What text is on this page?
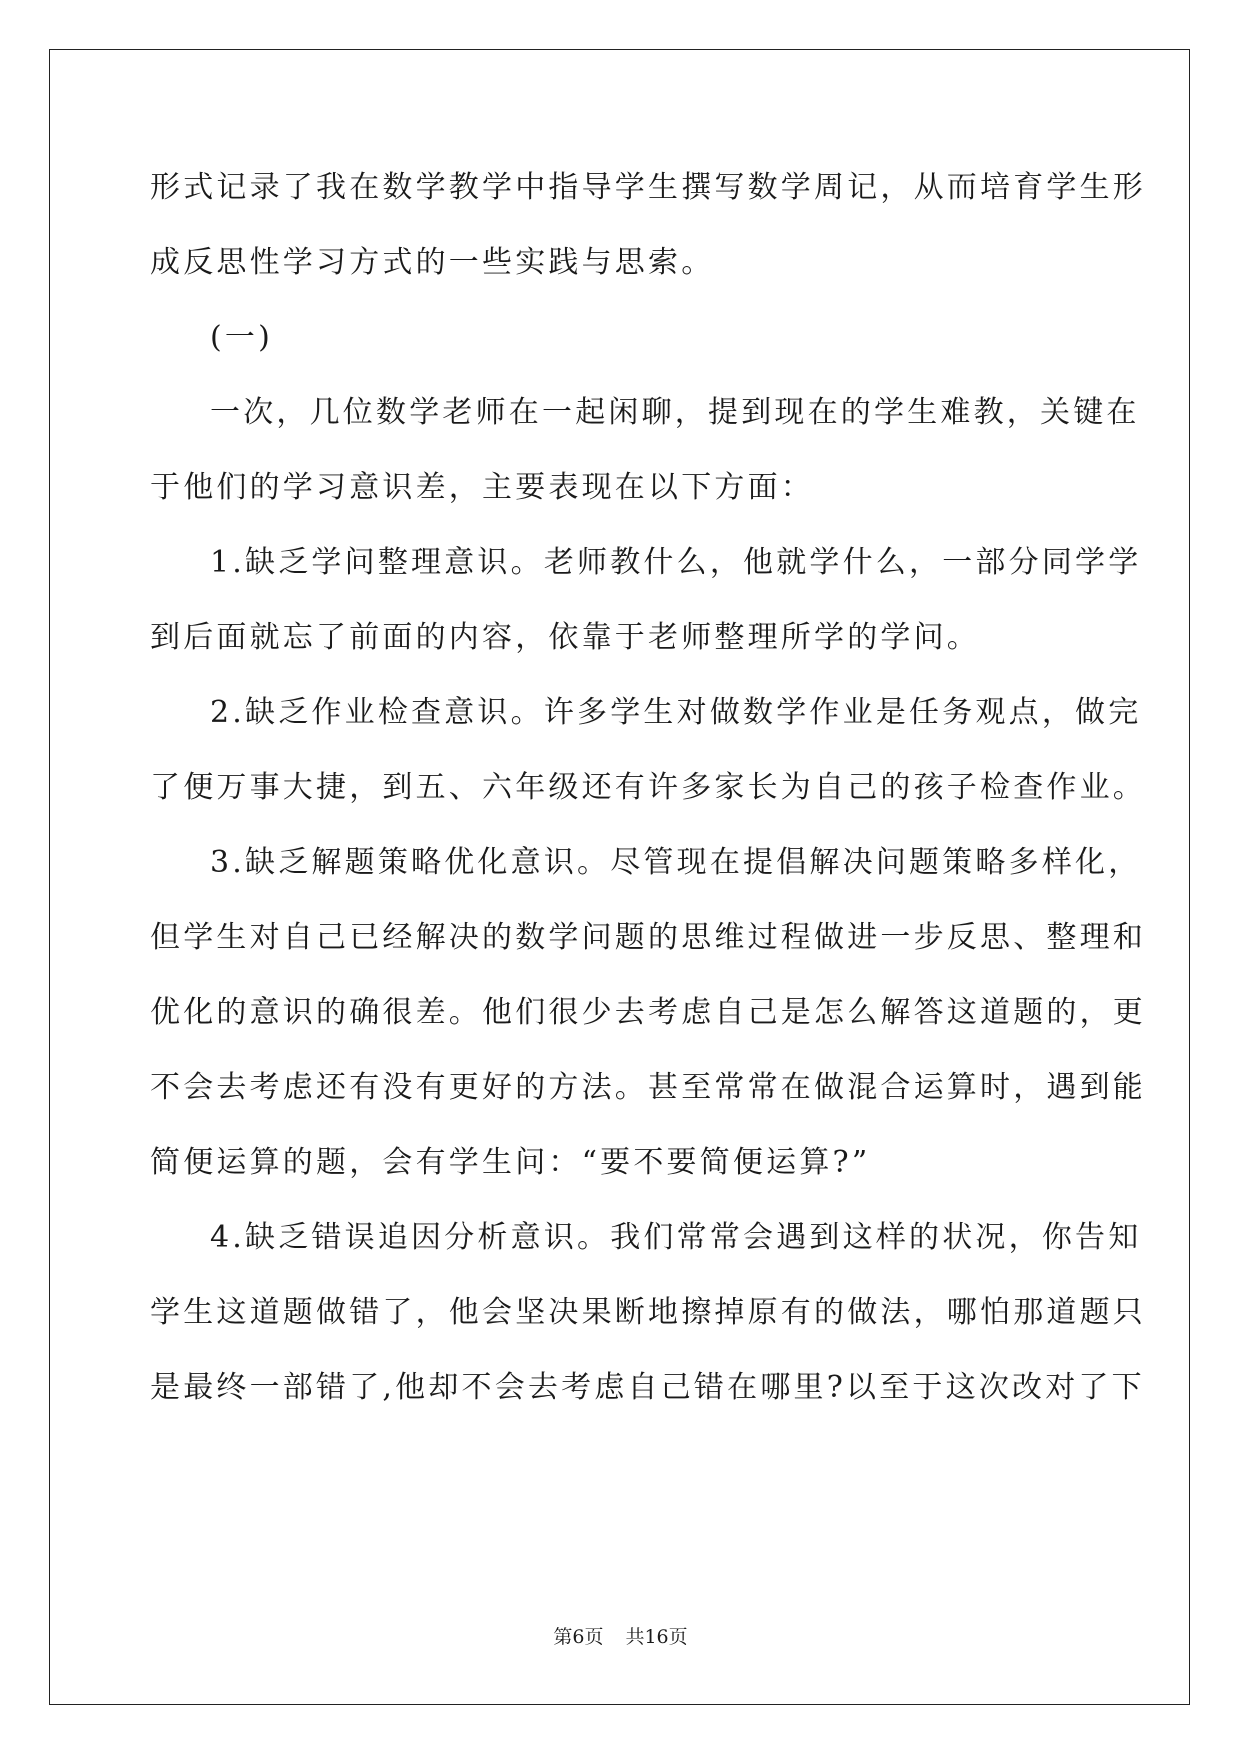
形式记录了我在数学教学中指导学生撰写数学周记，从而培育学生形
成反思性学习方式的一些实践与思索。
(一)
一次，几位数学老师在一起闲聊，提到现在的学生难教，关键在
于他们的学习意识差，主要表现在以下方面：
1.缺乏学问整理意识。老师教什么，他就学什么，一部分同学学
到后面就忘了前面的内容，依靠于老师整理所学的学问。
2.缺乏作业检查意识。许多学生对做数学作业是任务观点，做完
了便万事大捷，到五、六年级还有许多家长为自己的孩子检查作业。
3.缺乏解题策略优化意识。尽管现在提倡解决问题策略多样化，
但学生对自己已经解决的数学问题的思维过程做进一步反思、整理和
优化的意识的确很差。他们很少去考虑自己是怎么解答这道题的，更
不会去考虑还有没有更好的方法。甚至常常在做混合运算时，遇到能
简便运算的题，会有学生问：“要不要简便运算?”
4.缺乏错误追因分析意识。我们常常会遇到这样的状况，你告知
学生这道题做错了，他会坚决果断地擦掉原有的做法，哪怕那道题只
是最终一部错了,他却不会去考虑自己错在哪里?以至于这次改对了下
第6页 共16页
